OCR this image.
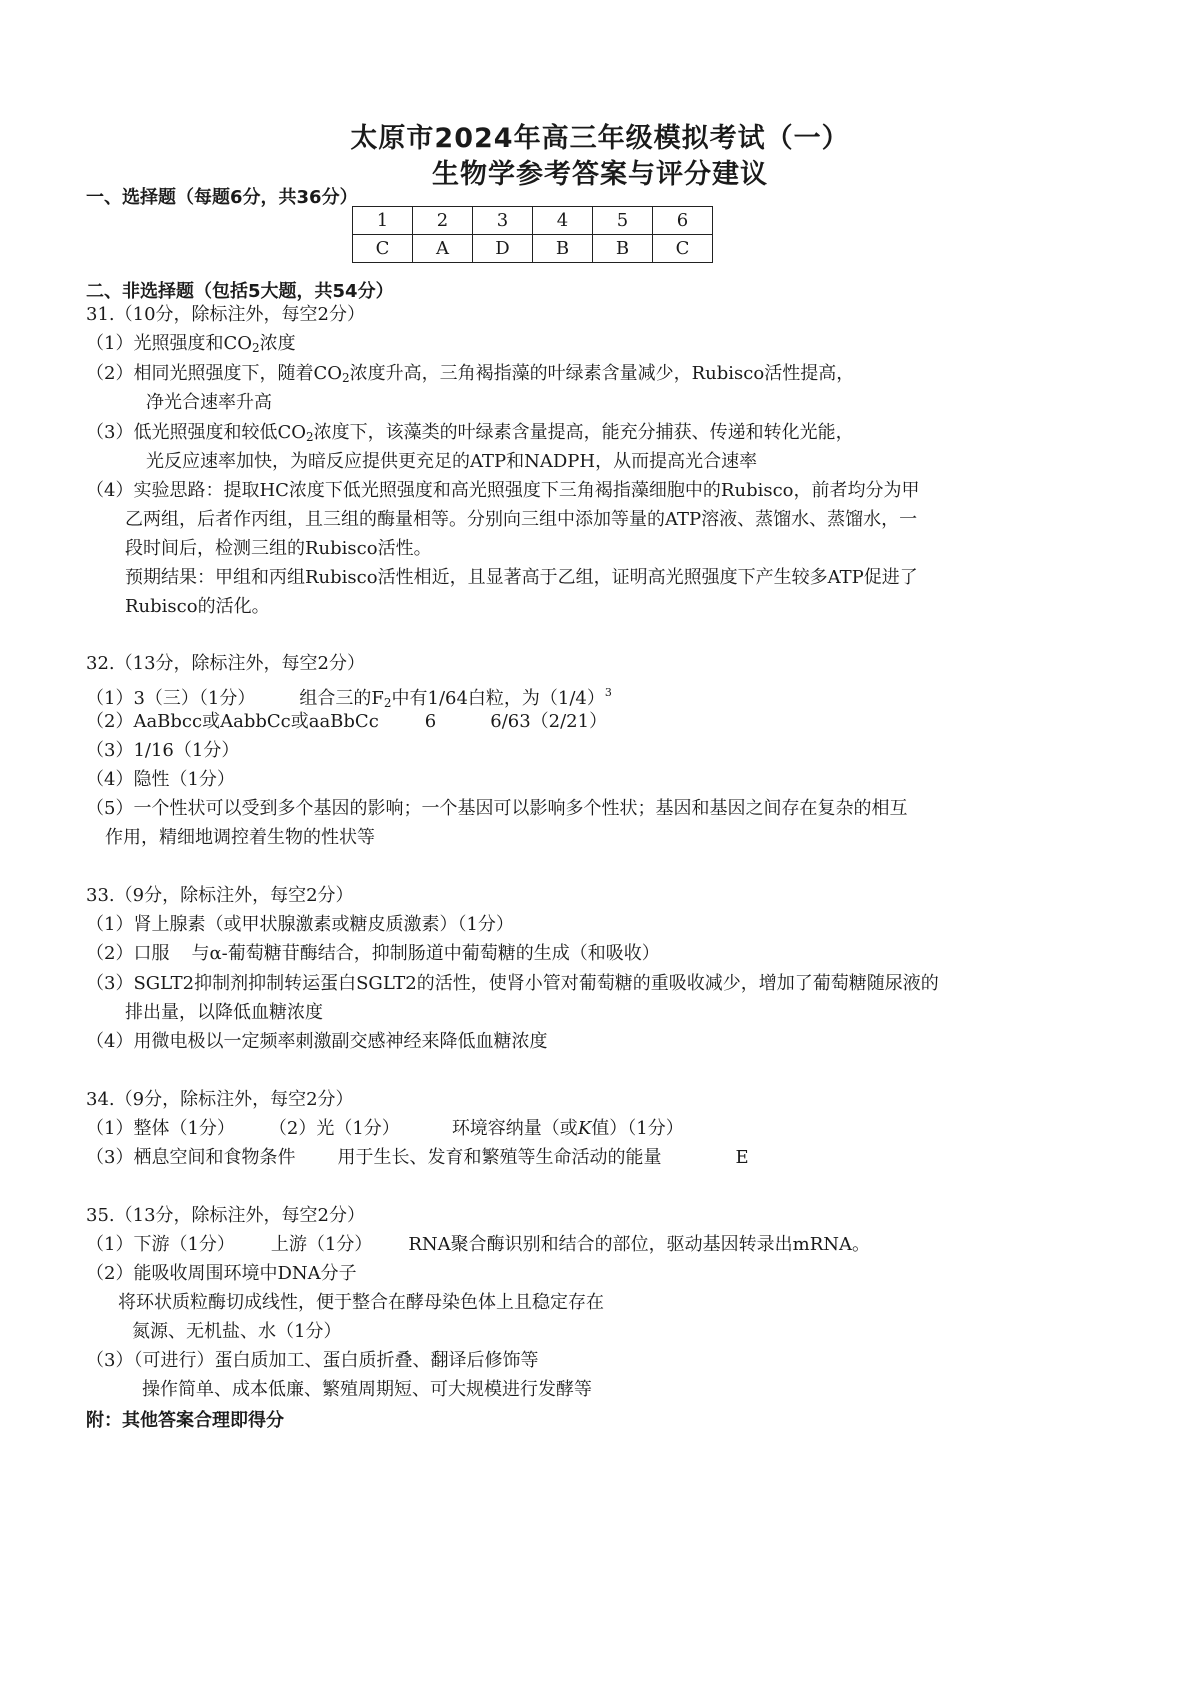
太原市2024年高三年级模拟考试（一）
生物学参考答案与评分建议
一、选择题（每题6分，共36分）
1	2	3	4	5	6
C	A	D	B	B	C
二、非选择题（包括5大题，共54分）
31.（10分，除标注外，每空2分）
（1）光照强度和$CO_2$浓度
（2）相同光照强度下，随着$CO_2$浓度升高，三角褐指藻的叶绿素含量减少，Rubisco活性提高，
净光合速率升高
（3）低光照强度和较低$CO_2$浓度下，该藻类的叶绿素含量提高，能充分捕获、传递和转化光能，
光反应速率加快，为暗反应提供更充足的ATP和NADPH，从而提高光合速率
（4）实验思路：提取HC浓度下低光照强度和高光照强度下三角褐指藻细胞中的Rubisco，前者均分为甲
乙两组，后者作丙组，且三组的酶量相等。分别向三组中添加等量的ATP溶液、蒸馏水、蒸馏水，一
段时间后，检测三组的Rubisco活性。
预期结果：甲组和丙组Rubisco活性相近，且显著高于乙组，证明高光照强度下产生较多ATP促进了
Rubisco的活化。
32.（13分，除标注外，每空2分）
（1）3（三）（1分） 组合三的$F_2$中有1/64白粒，为$(1/4)^3$
（2）AaBbcc或AabbCc或aaBbCc	6	6/63（2/21）
（3）1/16（1分）
（4）隐性（1分）
（5）一个性状可以受到多个基因的影响；一个基因可以影响多个性状；基因和基因之间存在复杂的相互
作用，精细地调控着生物的性状等
33.（9分，除标注外，每空2分）
（1）肾上腺素（或甲状腺激素或糖皮质激素）（1分）
（2）口服 与α-葡萄糖苷酶结合，抑制肠道中葡萄糖的生成（和吸收）
（3）SGLT2抑制剂抑制转运蛋白SGLT2的活性，使肾小管对葡萄糖的重吸收减少，增加了葡萄糖随尿液的
排出量，以降低血糖浓度
（4）用微电极以一定频率刺激副交感神经来降低血糖浓度
34.（9分，除标注外，每空2分）
（1）整体（1分） （2）光（1分）	环境容纳量（或K值）（1分）
（3）栖息空间和食物条件 用于生长、发育和繁殖等生命活动的能量	E
35.（13分，除标注外，每空2分）
（1）下游（1分） 上游（1分） RNA聚合酶识别和结合的部位，驱动基因转录出mRNA。
（2）能吸收周围环境中DNA分子
将环状质粒酶切成线性，便于整合在酵母染色体上且稳定存在
氮源、无机盐、水（1分）
（3）（可进行）蛋白质加工、蛋白质折叠、翻译后修饰等
操作简单、成本低廉、繁殖周期短、可大规模进行发酵等
附：其他答案合理即得分
